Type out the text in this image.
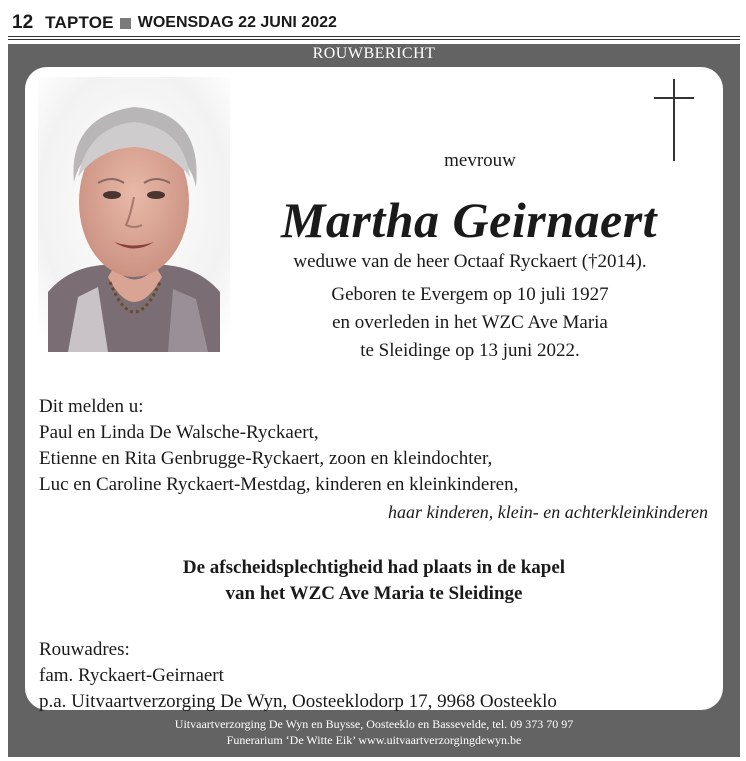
12 TAPTOE WOENSDAG 22 JUNI 2022
ROUWBERICHT
mevrouw
Martha Geirnaert
weduwe van de heer Octaaf Ryckaert (†2014).
Geboren te Evergem op 10 juli 1927
en overleden in het WZC Ave Maria
te Sleidinge op 13 juni 2022.
Dit melden u:
Paul en Linda De Walsche-Ryckaert,
Etienne en Rita Genbrugge-Ryckaert, zoon en kleindochter,
Luc en Caroline Ryckaert-Mestdag, kinderen en kleinkinderen,
haar kinderen, klein- en achterkleinkinderen
De afscheidsplechtigheid had plaats in de kapel
van het WZC Ave Maria te Sleidinge
Rouwadres:
fam. Ryckaert-Geirnaert
p.a. Uitvaartverzorging De Wyn, Oosteeklodorp 17, 9968 Oosteeklo
Uitvaartverzorging De Wyn en Buysse, Oosteeklo en Bassevelde, tel. 09 373 70 97
Funerarium ‘De Witte Eik’ www.uitvaartverzorgingdewyn.be
